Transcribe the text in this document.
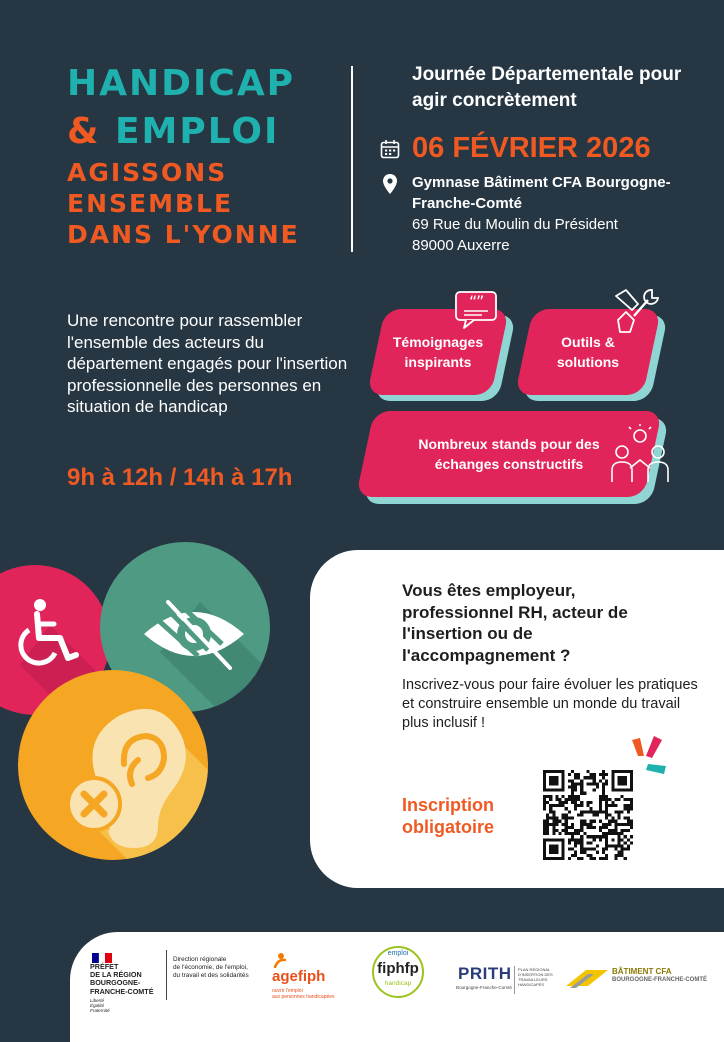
HANDICAP
& EMPLOI
AGISSONS
ENSEMBLE
DANS L'YONNE
Journée Départementale pour agir concrètement
06 FÉVRIER 2026
Gymnase Bâtiment CFA Bourgogne-Franche-Comté
69 Rue du Moulin du Président
89000 Auxerre
Une rencontre pour rassembler l'ensemble des acteurs du département engagés pour l'insertion professionnelle des personnes en situation de handicap
9h à 12h / 14h à 17h
Témoignages inspirants
Outils & solutions
Nombreux stands pour des échanges constructifs
“
”
Vous êtes employeur, professionnel RH, acteur de l'insertion ou de l'accompagnement ?
Inscrivez-vous pour faire évoluer les pratiques et construire ensemble un monde du travail plus inclusif !
Inscription obligatoire
PRÉFET
DE LA RÉGION
BOURGOGNE-
FRANCHE-COMTÉ
Liberté
Égalité
Fraternité
Direction régionale
de l'économie, de l'emploi,
du travail et des solidarités agefiph
ouvrir l'emploi
aux personnes handicapées
emploi
fiphfp
handicap
PRITH
Bourgogne-Franche-Comté
PLAN RÉGIONAL
D'INSERTION DES
TRAVAILLEURS
HANDICAPÉS
BÂTIMENT CFA
BOURGOGNE-FRANCHE-COMTÉ
